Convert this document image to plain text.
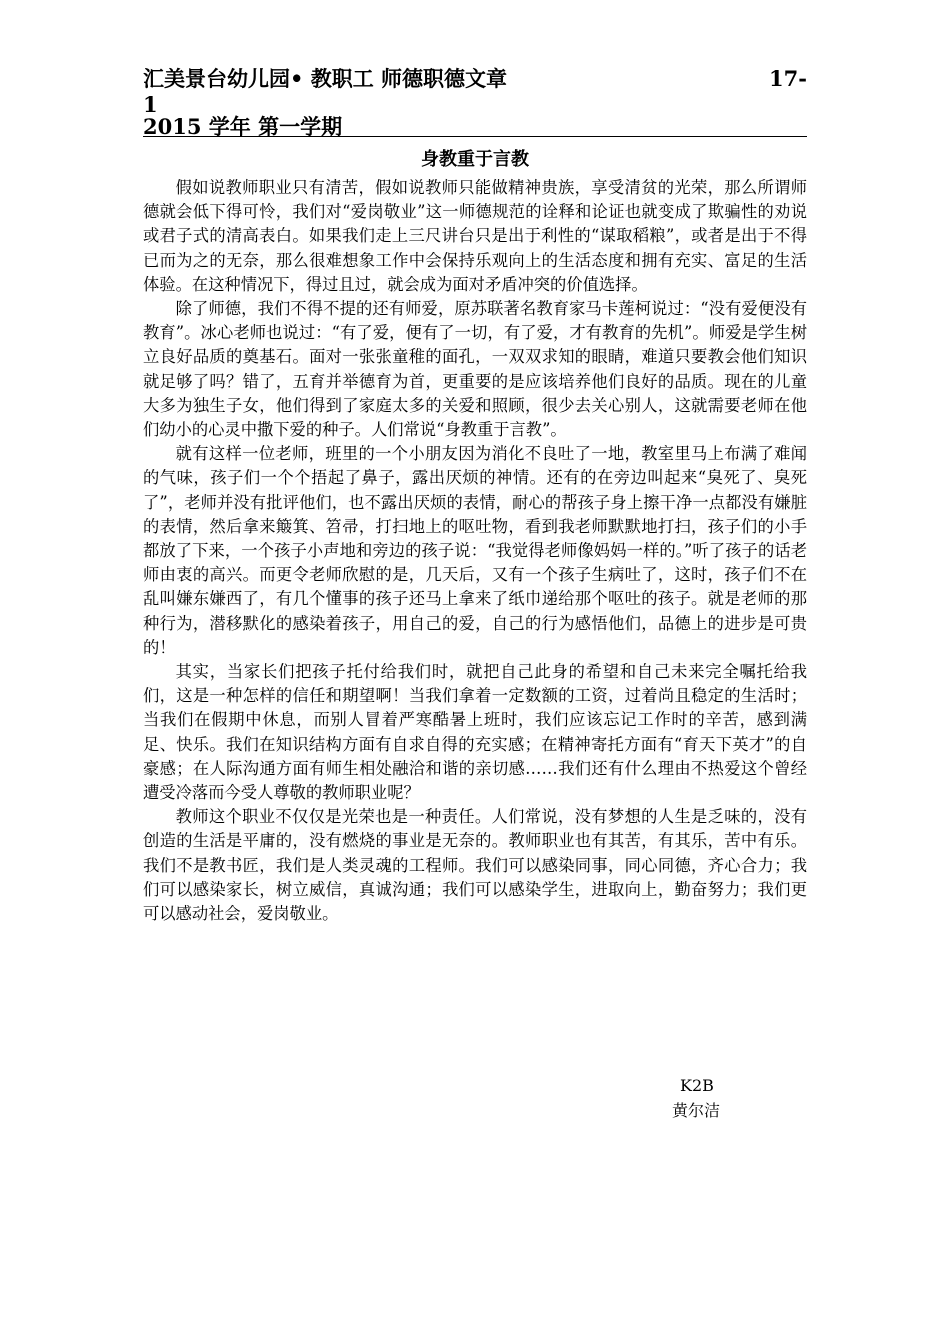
汇美景台幼儿园• 教职工 师德职德文章	17-
1
2015 学年 第一学期
身教重于言教

假如说教师职业只有清苦，假如说教师只能做精神贵族，享受清贫的光荣，那么所谓师德就会低下得可怜，我们对“爱岗敬业”这一师德规范的诠释和论证也就变成了欺骗性的劝说或君子式的清高表白。如果我们走上三尺讲台只是出于利性的“谋取稻粮”，或者是出于不得已而为之的无奈，那么很难想象工作中会保持乐观向上的生活态度和拥有充实、富足的生活体验。在这种情况下，得过且过，就会成为面对矛盾冲突的价值选择。

除了师德，我们不得不提的还有师爱，原苏联著名教育家马卡莲柯说过：“没有爱便没有教育”。冰心老师也说过：“有了爱，便有了一切，有了爱，才有教育的先机”。师爱是学生树立良好品质的奠基石。面对一张张童稚的面孔，一双双求知的眼睛，难道只要教会他们知识就足够了吗？错了，五育并举德育为首，更重要的是应该培养他们良好的品质。现在的儿童大多为独生子女，他们得到了家庭太多的关爱和照顾，很少去关心别人，这就需要老师在他们幼小的心灵中撒下爱的种子。人们常说“身教重于言教”。

就有这样一位老师，班里的一个小朋友因为消化不良吐了一地，教室里马上布满了难闻的气味，孩子们一个个捂起了鼻子，露出厌烦的神情。还有的在旁边叫起来“臭死了、臭死了”，老师并没有批评他们，也不露出厌烦的表情，耐心的帮孩子身上擦干净一点都没有嫌脏的表情，然后拿来簸箕、笤帚，打扫地上的呕吐物，看到我老师默默地打扫，孩子们的小手都放了下来，一个孩子小声地和旁边的孩子说：“我觉得老师像妈妈一样的。”听了孩子的话老师由衷的高兴。而更令老师欣慰的是，几天后，又有一个孩子生病吐了，这时，孩子们不在乱叫嫌东嫌西了，有几个懂事的孩子还马上拿来了纸巾递给那个呕吐的孩子。就是老师的那种行为，潜移默化的感染着孩子，用自己的爱，自己的行为感悟他们，品德上的进步是可贵的！

其实，当家长们把孩子托付给我们时，就把自己此身的希望和自己未来完全嘱托给我们，这是一种怎样的信任和期望啊！当我们拿着一定数额的工资，过着尚且稳定的生活时；当我们在假期中休息，而别人冒着严寒酷暑上班时，我们应该忘记工作时的辛苦，感到满足、快乐。我们在知识结构方面有自求自得的充实感；在精神寄托方面有“育天下英才”的自豪感；在人际沟通方面有师生相处融洽和谐的亲切感……我们还有什么理由不热爱这个曾经遭受冷落而今受人尊敬的教师职业呢？

教师这个职业不仅仅是光荣也是一种责任。人们常说，没有梦想的人生是乏味的，没有创造的生活是平庸的，没有燃烧的事业是无奈的。教师职业也有其苦，有其乐，苦中有乐。我们不是教书匠，我们是人类灵魂的工程师。我们可以感染同事，同心同德，齐心合力；我们可以感染家长，树立威信，真诚沟通；我们可以感染学生，进取向上，勤奋努力；我们更可以感动社会，爱岗敬业。

K2B
黄尔洁
